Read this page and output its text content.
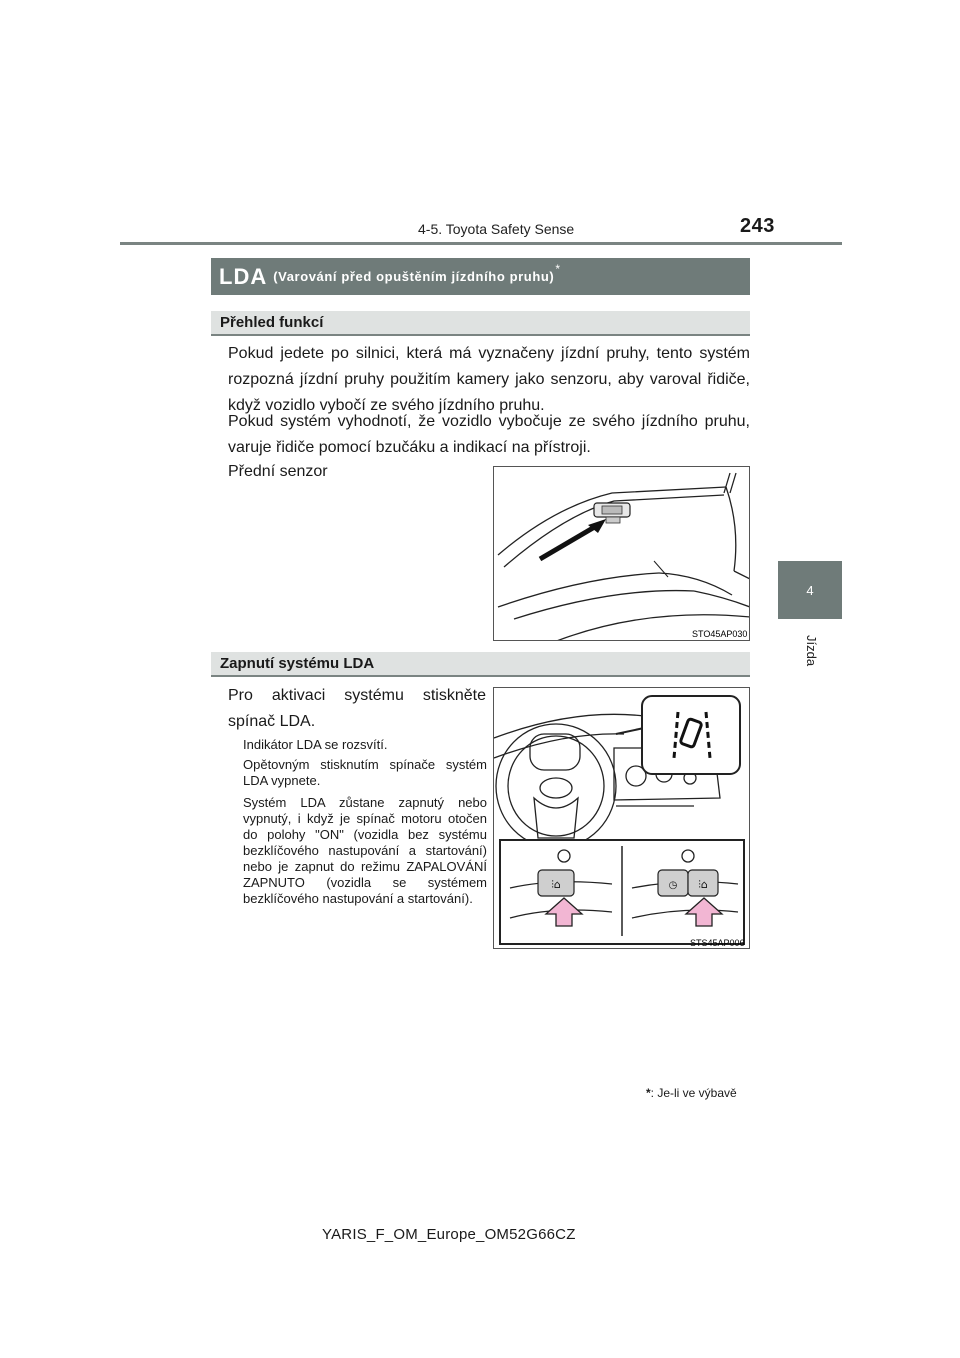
4-5. Toyota Safety Sense	243
4
Jízda
LDA (Varování před opuštěním jízdního pruhu)
*
Přehled funkcí
Pokud jedete po silnici, která má vyznačeny jízdní pruhy, tento systém rozpozná jízdní pruhy použitím kamery jako senzoru, aby varoval řidiče, když vozidlo vybočí ze svého jízdního pruhu.
Pokud systém vyhodnotí, že vozidlo vybočuje ze svého jízdního pruhu, varuje řidiče pomocí bzučáku a indikací na přístroji.
Přední senzor
STO45AP030
Zapnutí systému LDA
Pro aktivaci systému stiskněte spínač LDA.
Indikátor LDA se rozsvítí.
Opětovným stisknutím spínače systém LDA vypnete.
Systém LDA zůstane zapnutý nebo vypnutý, i když je spínač motoru otočen do polohy "ON" (vozidla bez systému bezklíčového nastupování a startování) nebo je zapnut do režimu ZAPALOVÁNÍ ZAPNUTO (vozidla se systémem bezklíčového nastupování a startování).
⫶⌂	◷ ⫶⌂
STS45AP006
*: Je-li ve výbavě
YARIS_F_OM_Europe_OM52G66CZ
